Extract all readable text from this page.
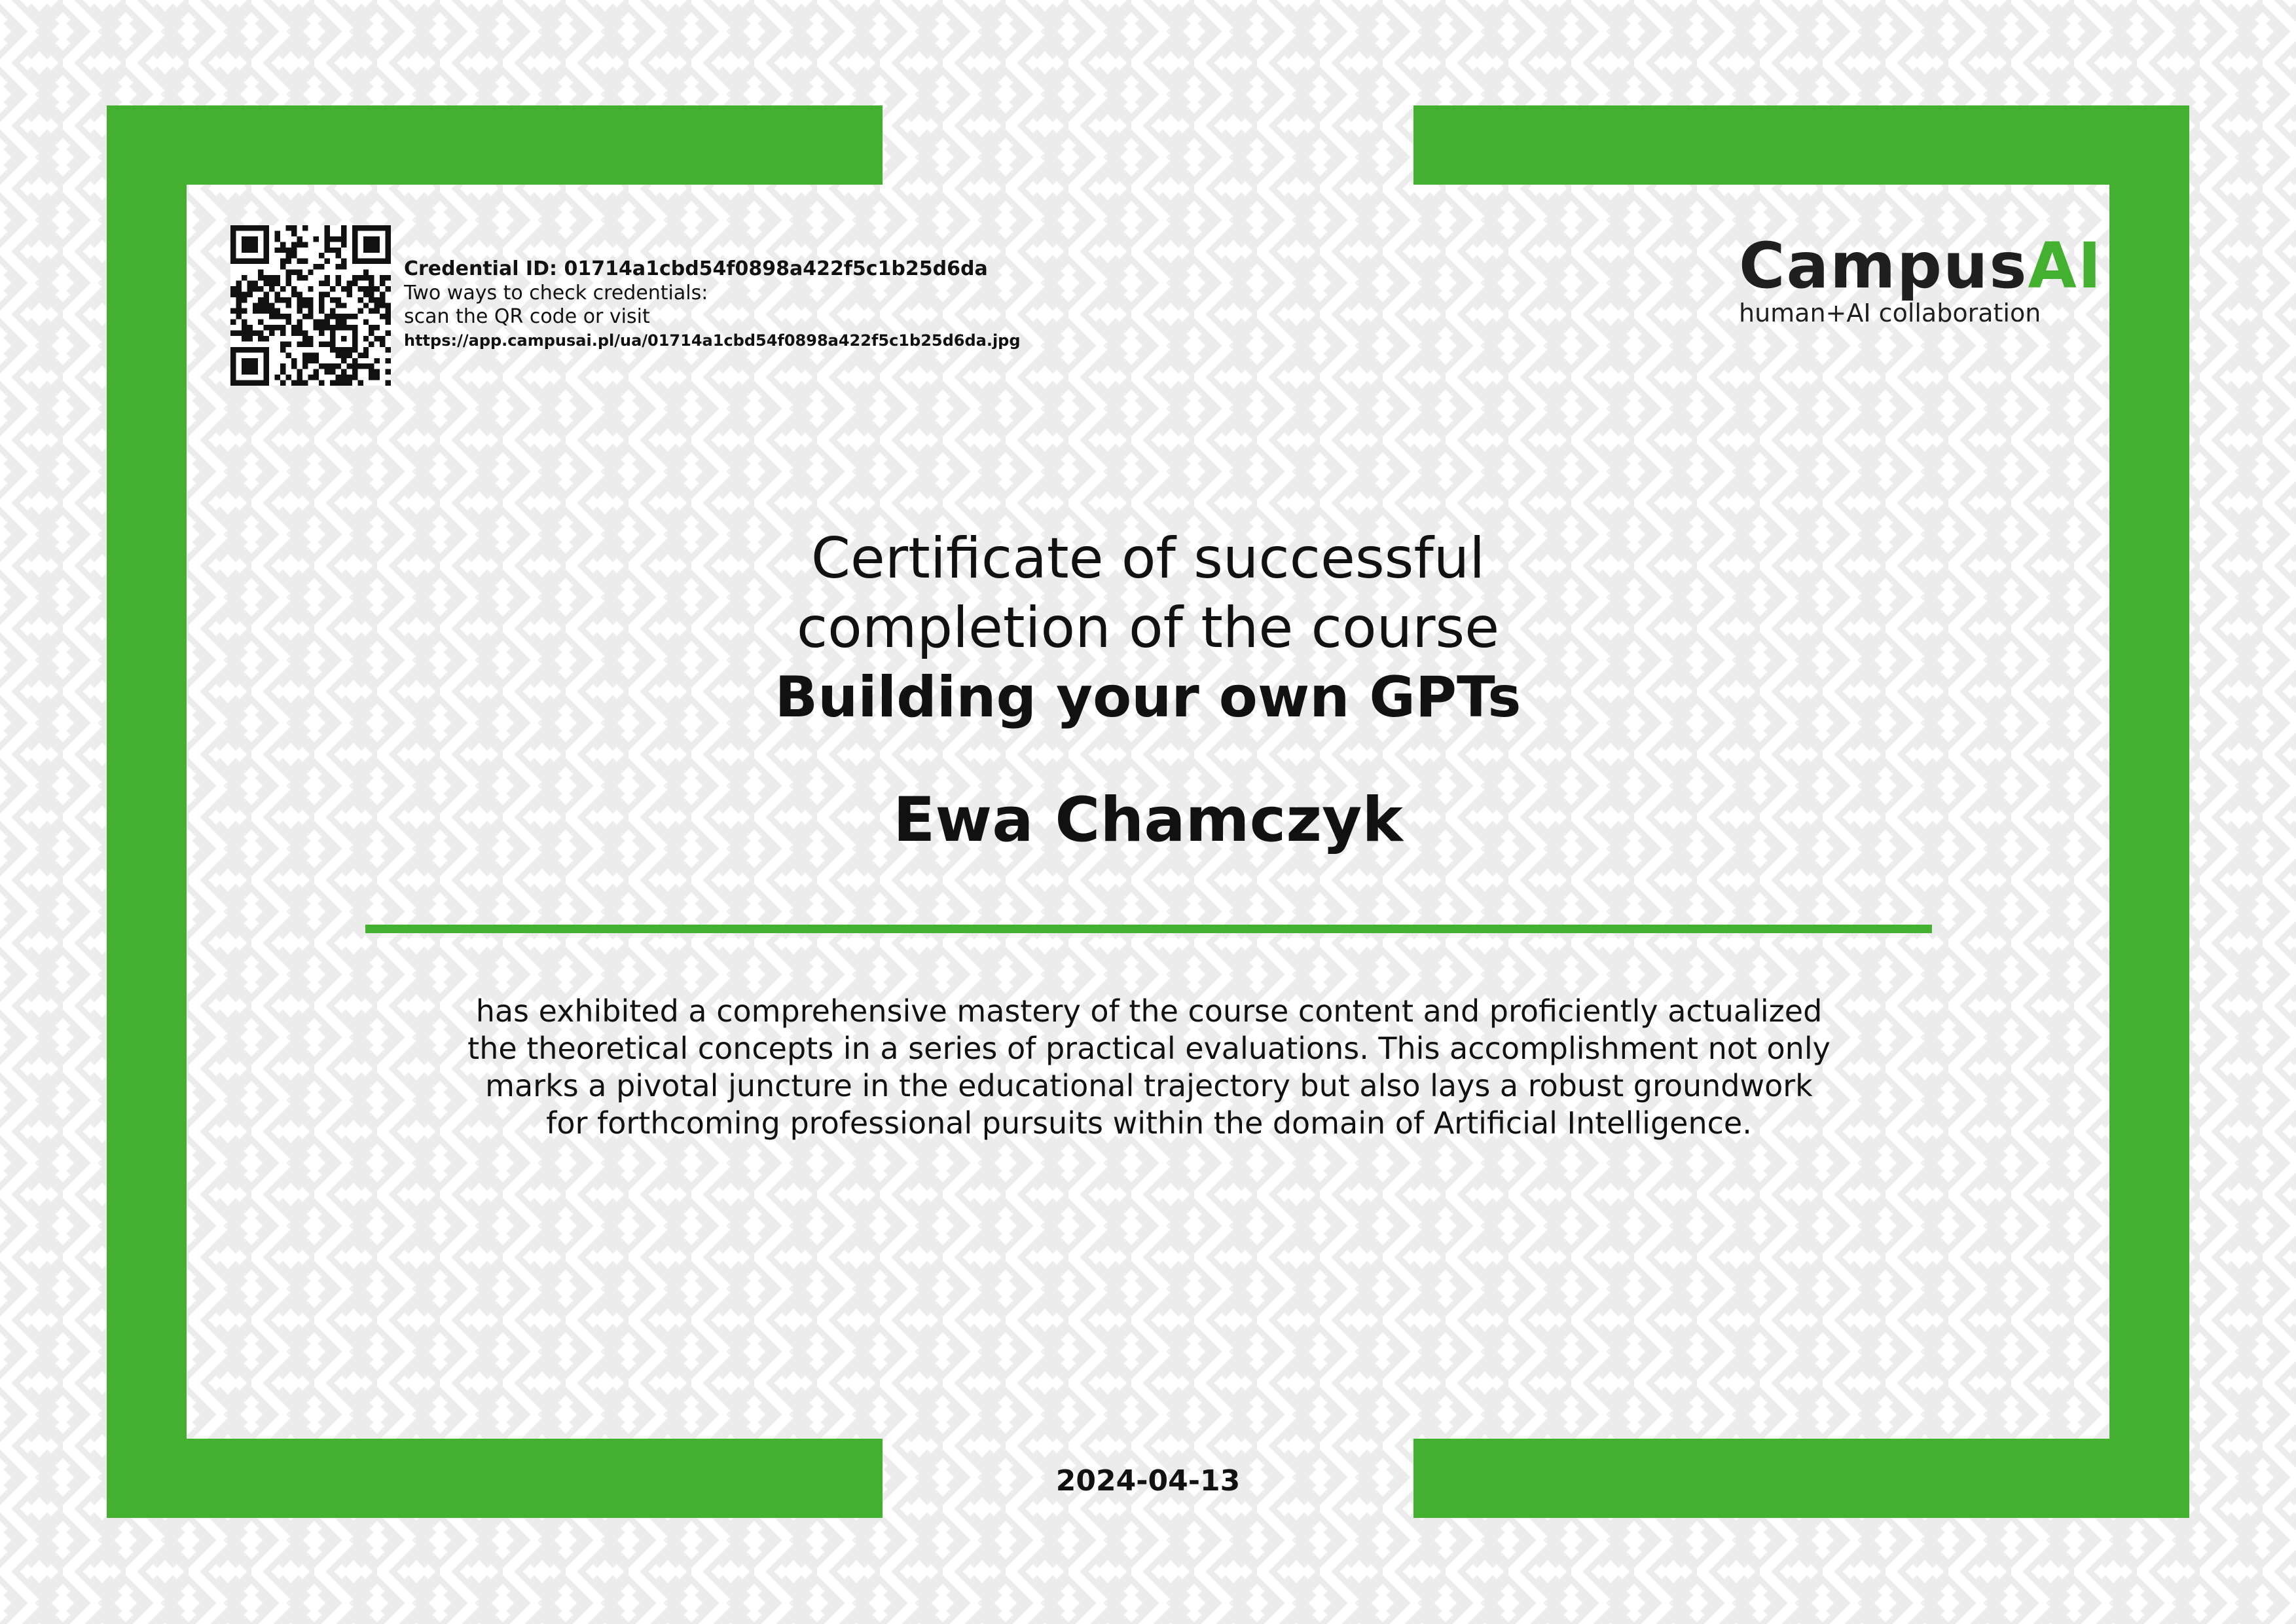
Credential ID: 01714a1cbd54f0898a422f5c1b25d6da
Two ways to check credentials:
scan the QR code or visit
https://app.campusai.pl/ua/01714a1cbd54f0898a422f5c1b25d6da.jpg
CampusAI
human+AI collaboration
Certificate of successful
completion of the course
Building your own GPTs
Ewa Chamczyk
has exhibited a comprehensive mastery of the course content and proficiently actualized
the theoretical concepts in a series of practical evaluations. This accomplishment not only
marks a pivotal juncture in the educational trajectory but also lays a robust groundwork
for forthcoming professional pursuits within the domain of Artificial Intelligence.
2024-04-13
